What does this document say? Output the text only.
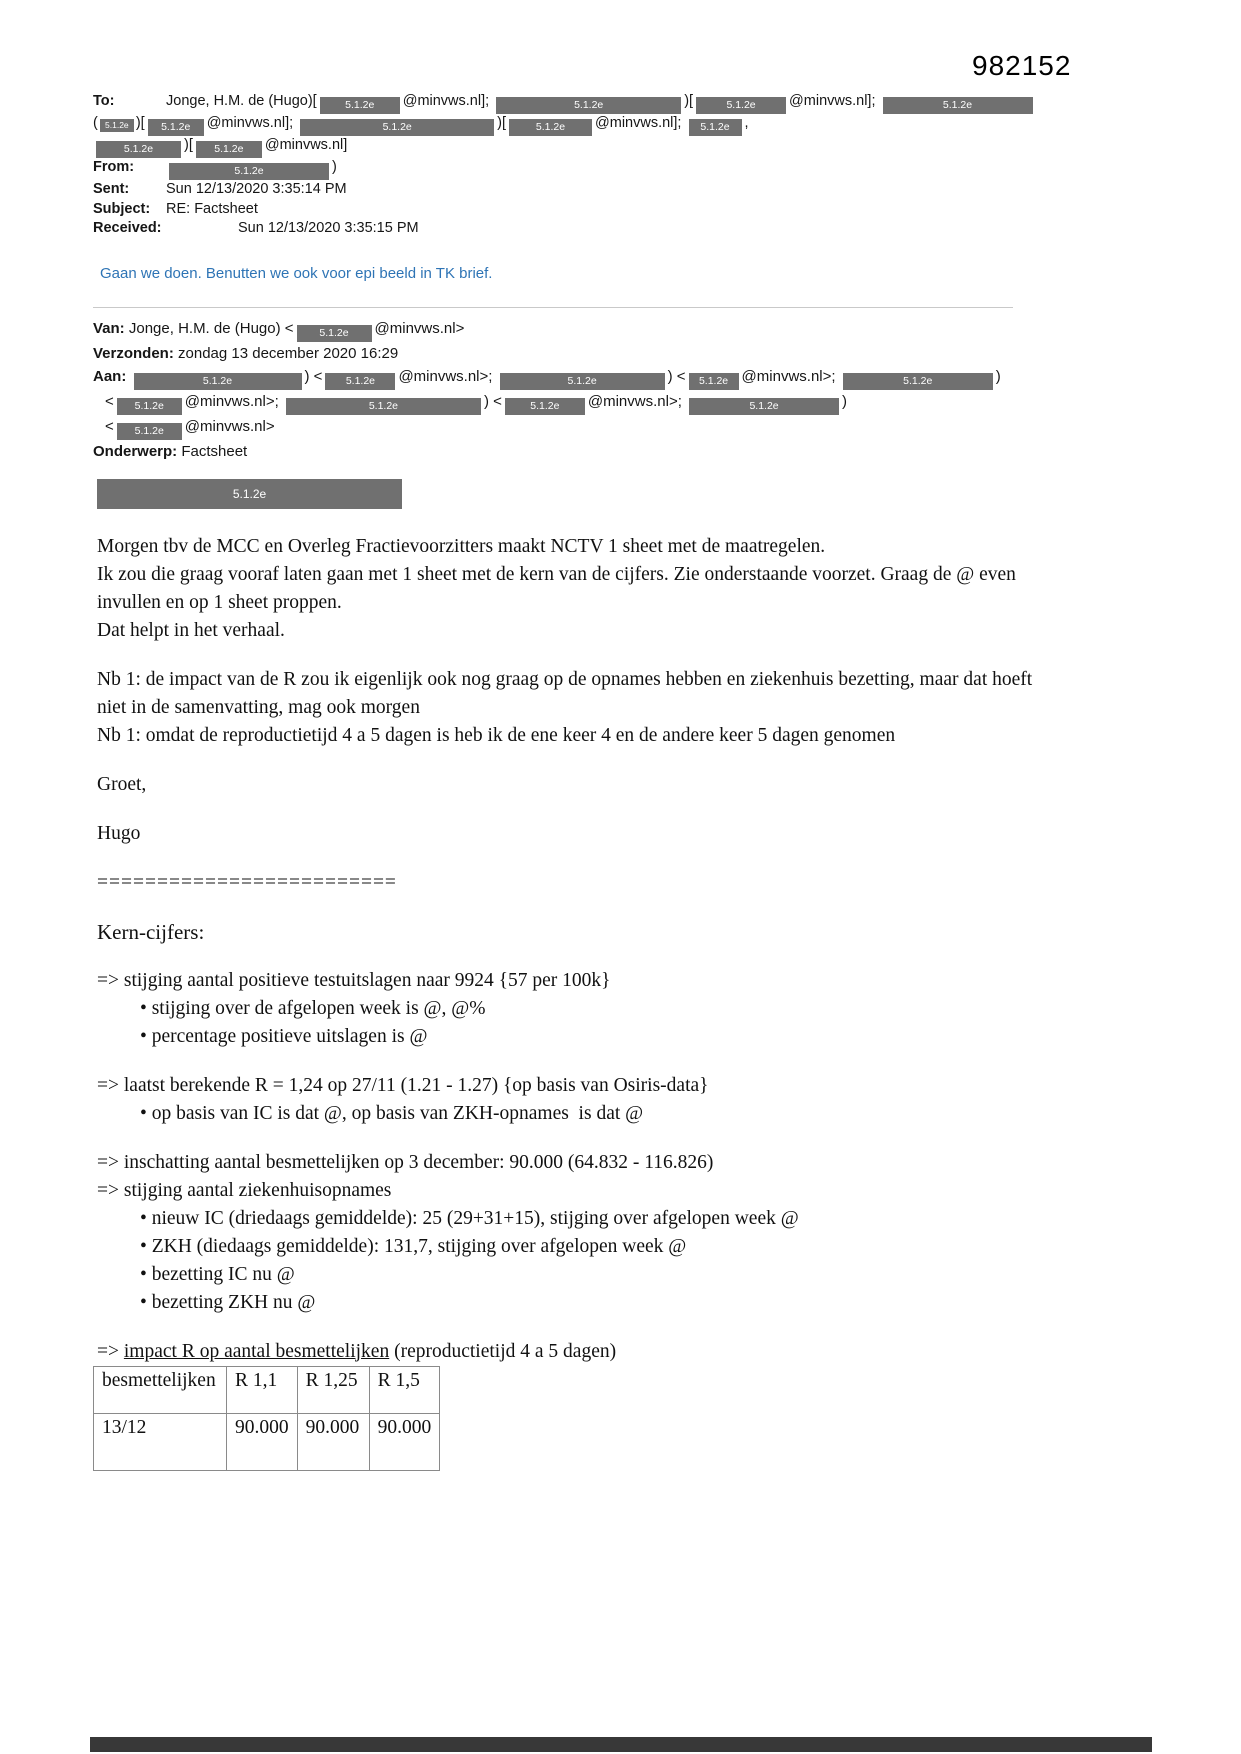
982152
To:	Jonge, H.M. de (Hugo)[	5.1.2e @minvws.nl];	5.1.2e	)[	5.1.2e @minvws.nl];	5.1.2e
( 5.1.2e )[ 5.1.2e @minvws.nl];	5.1.2e	)[	5.1.2e @minvws.nl]; 5.1.2e ,
5.1.2e )[ 5.1.2e @minvws.nl]
From:	5.1.2e	)
Sent:	Sun 12/13/2020 3:35:14 PM
Subject: RE: Factsheet
Received:	Sun 12/13/2020 3:35:15 PM
Gaan we doen. Benutten we ook voor epi beeld in TK brief.
Van: Jonge, H.M. de (Hugo) < 5.1.2e @minvws.nl>
Verzonden: zondag 13 december 2020 16:29
Aan:	5.1.2e	) < 5.1.2e @minvws.nl>;	5.1.2e	) < 5.1.2e @minvws.nl>;	5.1.2e	)
< 5.1.2e @minvws.nl>;	5.1.2e	) <	5.1.2e @minvws.nl>;	5.1.2e	)
< 5.1.2e @minvws.nl>
Onderwerp: Factsheet
5.1.2e
Morgen tbv de MCC en Overleg Fractievoorzitters maakt NCTV 1 sheet met de maatregelen.
Ik zou die graag vooraf laten gaan met 1 sheet met de kern van de cijfers. Zie onderstaande voorzet. Graag de @ even
invullen en op 1 sheet proppen.
Dat helpt in het verhaal.
Nb 1: de impact van de R zou ik eigenlijk ook nog graag op de opnames hebben en ziekenhuis bezetting, maar dat hoeft
niet in de samenvatting, mag ook morgen
Nb 1: omdat de reproductietijd 4 a 5 dagen is heb ik de ene keer 4 en de andere keer 5 dagen genomen
Groet,
Hugo
=========================
Kern-cijfers:
=> stijging aantal positieve testuitslagen naar 9924 {57 per 100k}
• stijging over de afgelopen week is @, @%
• percentage positieve uitslagen is @
=> laatst berekende R = 1,24 op 27/11 (1.21 - 1.27) {op basis van Osiris-data}
• op basis van IC is dat @, op basis van ZKH-opnames  is dat @
=> inschatting aantal besmettelijken op 3 december: 90.000 (64.832 - 116.826)
=> stijging aantal ziekenhuisopnames
• nieuw IC (driedaags gemiddelde): 25 (29+31+15), stijging over afgelopen week @
• ZKH (diedaags gemiddelde): 131,7, stijging over afgelopen week @
• bezetting IC nu @
• bezetting ZKH nu @
=> impact R op aantal besmettelijken (reproductietijd 4 a 5 dagen)
besmettelijken	R 1,1	R 1,25	R 1,5
13/12	90.000	90.000	90.000
